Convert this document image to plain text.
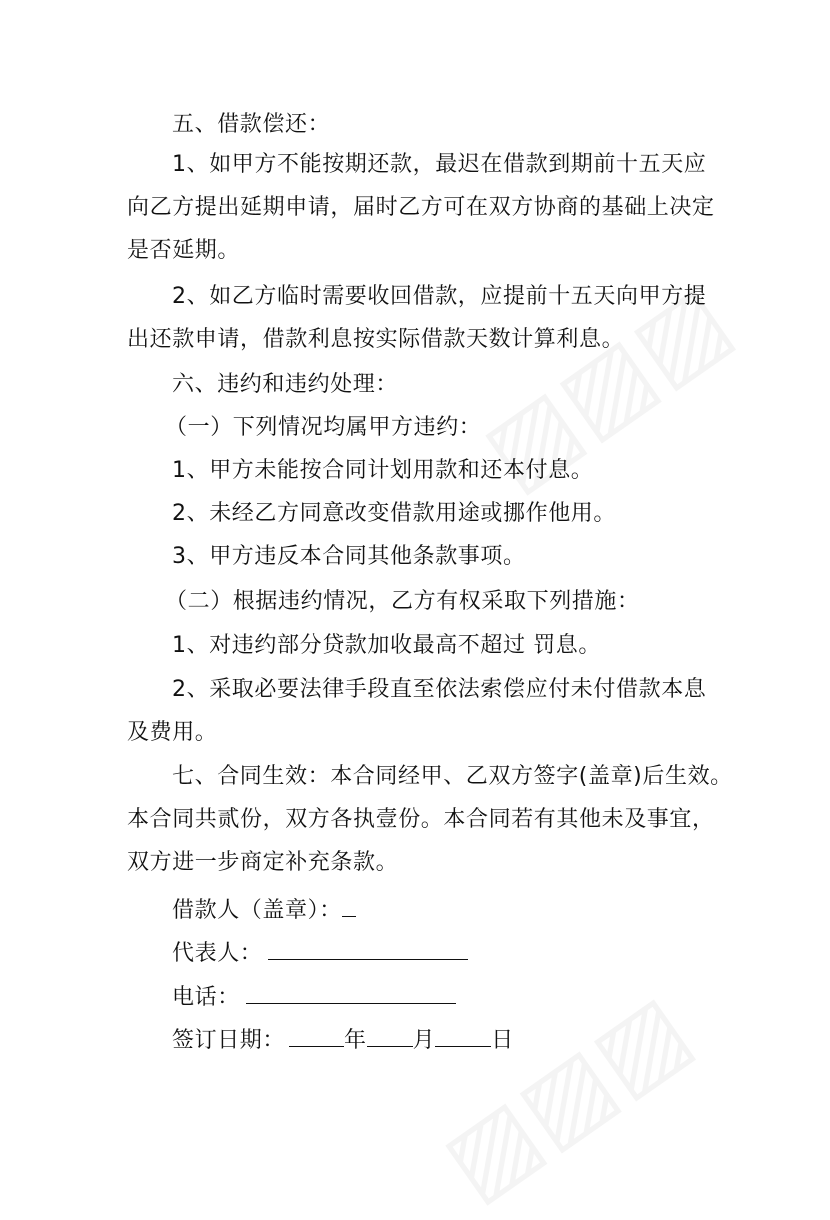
五、借款偿还：
1、如甲方不能按期还款，最迟在借款到期前十五天应
向乙方提出延期申请，届时乙方可在双方协商的基础上决定
是否延期。
2、如乙方临时需要收回借款，应提前十五天向甲方提
出还款申请，借款利息按实际借款天数计算利息。
六、违约和违约处理：
（一）下列情况均属甲方违约：
1、甲方未能按合同计划用款和还本付息。
2、未经乙方同意改变借款用途或挪作他用。
3、甲方违反本合同其他条款事项。
（二）根据违约情况，乙方有权采取下列措施：
1、对违约部分贷款加收最高不超过 罚息。
2、采取必要法律手段直至依法索偿应付未付借款本息
及费用。
七、合同生效：本合同经甲、乙双方签字(盖章)后生效。
本合同共贰份，双方各执壹份。本合同若有其他未及事宜，
双方进一步商定补充条款。
借款人（盖章）：
代表人：
电话：
签订日期：	年 月	日
